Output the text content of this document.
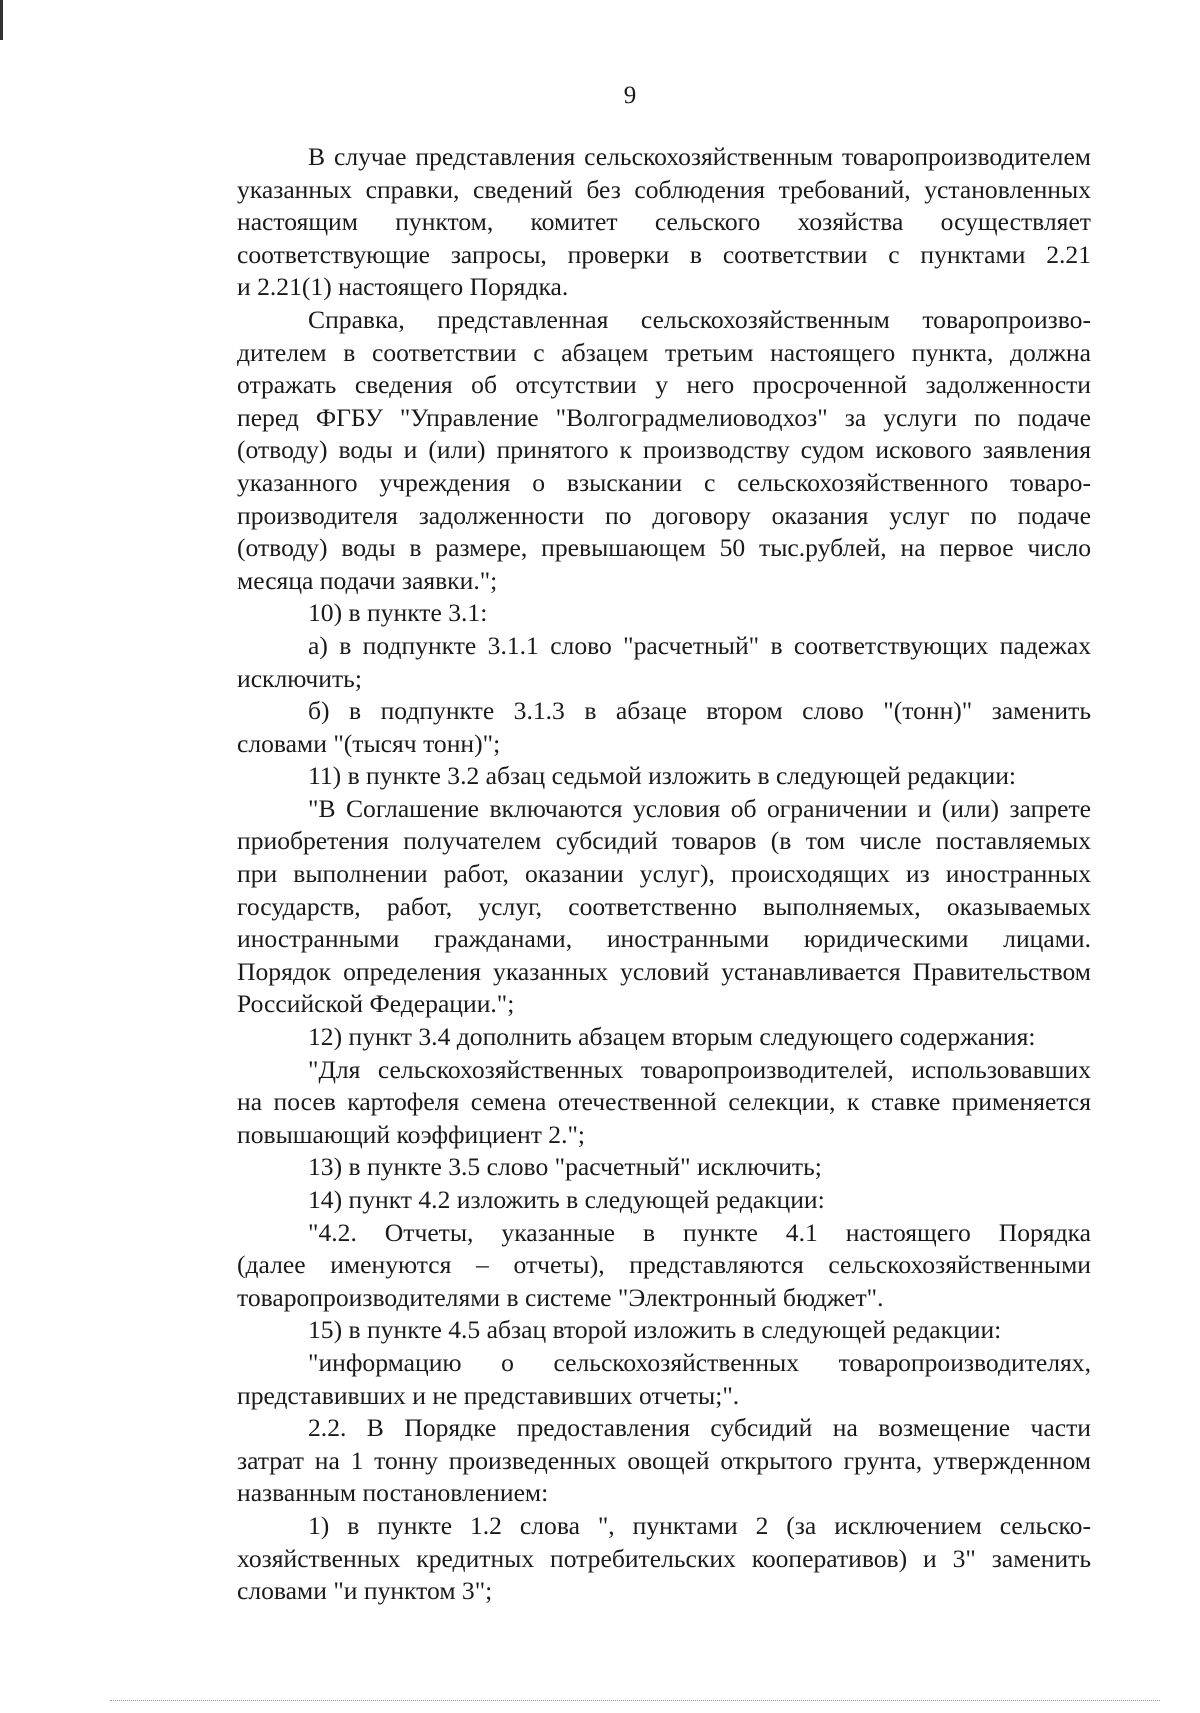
9
В случае представления сельскохозяйственным товаропроизводителем
указанных справки, сведений без соблюдения требований, установленных
настоящим пунктом, комитет сельского хозяйства осуществляет
соответствующие запросы, проверки в соответствии с пунктами 2.21
и 2.21(1) настоящего Порядка.
Справка, представленная сельскохозяйственным товаропроизво-
дителем в соответствии с абзацем третьим настоящего пункта, должна
отражать сведения об отсутствии у него просроченной задолженности
перед ФГБУ "Управление "Волгоградмелиоводхоз" за услуги по подаче
(отводу) воды и (или) принятого к производству судом искового заявления
указанного учреждения о взыскании с сельскохозяйственного товаро-
производителя задолженности по договору оказания услуг по подаче
(отводу) воды в размере, превышающем 50 тыс.рублей, на первое число
месяца подачи заявки.";
10) в пункте 3.1:
а) в подпункте 3.1.1 слово "расчетный" в соответствующих падежах
исключить;
б) в подпункте 3.1.3 в абзаце втором слово "(тонн)" заменить
словами "(тысяч тонн)";
11) в пункте 3.2 абзац седьмой изложить в следующей редакции:
"В Соглашение включаются условия об ограничении и (или) запрете
приобретения получателем субсидий товаров (в том числе поставляемых
при выполнении работ, оказании услуг), происходящих из иностранных
государств, работ, услуг, соответственно выполняемых, оказываемых
иностранными гражданами, иностранными юридическими лицами.
Порядок определения указанных условий устанавливается Правительством
Российской Федерации.";
12) пункт 3.4 дополнить абзацем вторым следующего содержания:
"Для сельскохозяйственных товаропроизводителей, использовавших
на посев картофеля семена отечественной селекции, к ставке применяется
повышающий коэффициент 2.";
13) в пункте 3.5 слово "расчетный" исключить;
14) пункт 4.2 изложить в следующей редакции:
"4.2. Отчеты, указанные в пункте 4.1 настоящего Порядка
(далее именуются – отчеты), представляются сельскохозяйственными
товаропроизводителями в системе "Электронный бюджет".
15) в пункте 4.5 абзац второй изложить в следующей редакции:
"информацию о сельскохозяйственных товаропроизводителях,
представивших и не представивших отчеты;".
2.2. В Порядке предоставления субсидий на возмещение части
затрат на 1 тонну произведенных овощей открытого грунта, утвержденном
названным постановлением:
1) в пункте 1.2 слова ", пунктами 2 (за исключением сельско-
хозяйственных кредитных потребительских кооперативов) и 3" заменить
словами "и пунктом 3";
